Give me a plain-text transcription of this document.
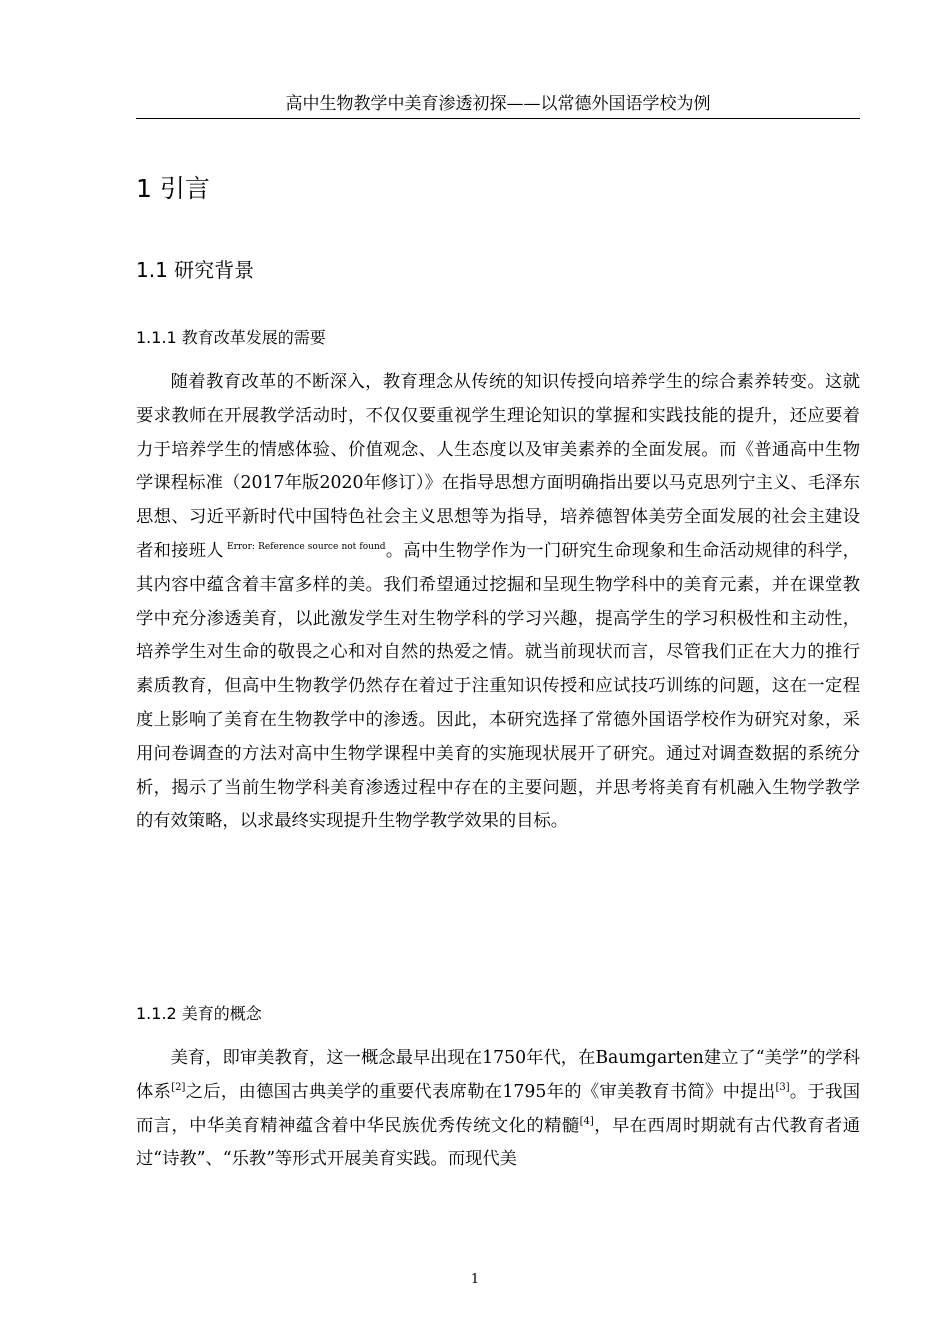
高中生物教学中美育渗透初探——以常德外国语学校为例
1 引言
1.1 研究背景
1.1.1 教育改革发展的需要

随着教育改革的不断深入，教育理念从传统的知识传授向培养学生的综合素养转变。这就要求教师在开展教学活动时，不仅仅要重视学生理论知识的掌握和实践技能的提升，还应要着力于培养学生的情感体验、价值观念、人生态度以及审美素养的全面发展。而《普通高中生物学课程标准（2017年版2020年修订）》在指导思想方面明确指出要以马克思列宁主义、毛泽东思想、习近平新时代中国特色社会主义思想等为指导，培养德智体美劳全面发展的社会主建设者和接班人 $^{Error: Reference source not found}$。高中生物学作为一门研究生命现象和生命活动规律的科学，其内容中蕴含着丰富多样的美。我们希望通过挖掘和呈现生物学科中的美育元素，并在课堂教学中充分渗透美育，以此激发学生对生物学科的学习兴趣，提高学生的学习积极性和主动性，培养学生对生命的敬畏之心和对自然的热爱之情。就当前现状而言，尽管我们正在大力的推行素质教育，但高中生物教学仍然存在着过于注重知识传授和应试技巧训练的问题，这在一定程度上影响了美育在生物教学中的渗透。因此，本研究选择了常德外国语学校作为研究对象，采用问卷调查的方法对高中生物学课程中美育的实施现状展开了研究。通过对调查数据的系统分析，揭示了当前生物学科美育渗透过程中存在的主要问题，并思考将美育有机融入生物学教学的有效策略，以求最终实现提升生物学教学效果的目标。

1.1.2 美育的概念

美育，即审美教育，这一概念最早出现在1750年代，在Baumgarten建立了“美学”的学科体系[2]之后，由德国古典美学的重要代表席勒在1795年的《审美教育书简》中提出[3]。于我国而言，中华美育精神蕴含着中华民族优秀传统文化的精髓[4]，早在西周时期就有古代教育者通过“诗教”、“乐教”等形式开展美育实践。而现代美

1
